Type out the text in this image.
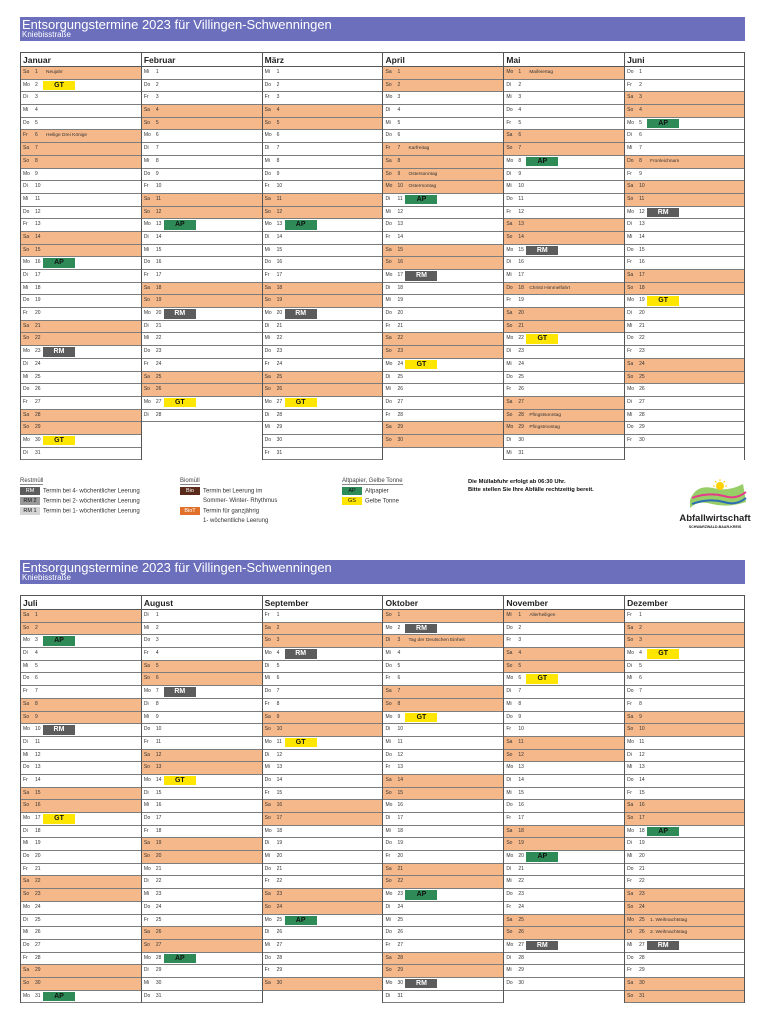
Entsorgungstermine 2023 für Villingen-Schwenningen
Kniebisstraße
Januar
Sa 1 Neujahr
Mo 2	GT
Di 3
Mi 4
Do 5
Fr 6 Heilige Drei Könige
Sa 7
So 8
Mo 9
Di 10
Mi 11
Do 12
Fr 13
Sa 14
So 15
Mo 16	AP
Di 17
Mi 18
Do 19
Fr 20
Sa 21
So 22
Mo 23	RM
Di 24
Mi 25
Do 26
Fr 27
Sa 28
So 29
Mo 30	GT
Di 31
Februar
Mi 1
Do 2
Fr 3
Sa 4
So 5
Mo 6
Di 7
Mi 8
Do 9
Fr 10
Sa 11
So 12
Mo 13	AP
Di 14
Mi 15
Do 16
Fr 17
Sa 18
So 19
Mo 20	RM
Di 21
Mi 22
Do 23
Fr 24
Sa 25
So 26
Mo 27	GT
Di 28
März
Mi 1
Do 2
Fr 3
Sa 4
So 5
Mo 6
Di 7
Mi 8
Do 9
Fr 10
Sa 11
So 12
Mo 13	AP
Di 14
Mi 15
Do 16
Fr 17
Sa 18
So 19
Mo 20	RM
Di 21
Mi 22
Do 23
Fr 24
Sa 25
So 26
Mo 27	GT
Di 28
Mi 29
Do 30
Fr 31
April
Sa 1
So 2
Mo 3
Di 4
Mi 5
Do 6
Fr 7 Karfreitag
Sa 8
So 9 Ostersonntag
Mo 10 Ostermontag
Di 11	AP
Mi 12
Do 13
Fr 14
Sa 15
So 16
Mo 17	RM
Di 18
Mi 19
Do 20
Fr 21
Sa 22
So 23
Mo 24	GT
Di 25
Mi 26
Do 27
Fr 28
Sa 29
So 30
Mai
Mo 1 Maifeiertag
Di 2
Mi 3
Do 4
Fr 5
Sa 6
So 7
Mo 8	AP
Di 9
Mi 10
Do 11
Fr 12
Sa 13
So 14
Mo 15	RM
Di 16
Mi 17
Do 18 Christi Himmelfahrt
Fr 19
Sa 20
So 21
Mo 22	GT
Di 23
Mi 24
Do 25
Fr 26
Sa 27
So 28 Pfingstsonntag
Mo 29 Pfingstmontag
Di 30
Mi 31
Juni
Do 1
Fr 2
Sa 3
So 4
Mo 5	AP
Di 6
Mi 7
Do 8 Fronleichnam
Fr 9
Sa 10
So 11
Mo 12	RM
Di 13
Mi 14
Do 15
Fr 16
Sa 17
So 18
Mo 19	GT
Di 20
Mi 21
Do 22
Fr 23
Sa 24
So 25
Mo 26
Di 27
Mi 28
Do 29
Fr 30
Restmüll
RM Termin bei 4- wöchentlicher Leerung
RM 2 Termin bei 2- wöchentlicher Leerung
RM 1 Termin bei 1- wöchentlicher Leerung
Biomüll
Bio Termin bei Leerung im
Sommer- Winter- Rhythmus
BioT Termin für ganzjährig
1- wöchentliche Leerung
Altpapier, Gelbe Tonne
AP Altpapier
GS Gelbe Tonne
Die Müllabfuhr erfolgt ab 06:30 Uhr.
Bitte stellen Sie Ihre Abfälle rechtzeitig bereit.
Abfallwirtschaft
SCHWARZWALD-BAAR-KREIS
Entsorgungstermine 2023 für Villingen-Schwenningen
Kniebisstraße
Juli
Sa 1
So 2
Mo 3	AP
Di 4
Mi 5
Do 6
Fr 7
Sa 8
So 9
Mo 10	RM
Di 11
Mi 12
Do 13
Fr 14
Sa 15
So 16
Mo 17	GT
Di 18
Mi 19
Do 20
Fr 21
Sa 22
So 23
Mo 24
Di 25
Mi 26
Do 27
Fr 28
Sa 29
So 30
Mo 31	AP
August
Di 1
Mi 2
Do 3
Fr 4
Sa 5
So 6
Mo 7	RM
Di 8
Mi 9
Do 10
Fr 11
Sa 12
So 13
Mo 14	GT
Di 15
Mi 16
Do 17
Fr 18
Sa 19
So 20
Mo 21
Di 22
Mi 23
Do 24
Fr 25
Sa 26
So 27
Mo 28	AP
Di 29
Mi 30
Do 31
September
Fr 1
Sa 2
So 3
Mo 4	RM
Di 5
Mi 6
Do 7
Fr 8
Sa 9
So 10
Mo 11	GT
Di 12
Mi 13
Do 14
Fr 15
Sa 16
So 17
Mo 18
Di 19
Mi 20
Do 21
Fr 22
Sa 23
So 24
Mo 25	AP
Di 26
Mi 27
Do 28
Fr 29
Sa 30
Oktober
So 1
Mo 2	RM
Di 3 Tag der Deutschen Einheit
Mi 4
Do 5
Fr 6
Sa 7
So 8
Mo 9	GT
Di 10
Mi 11
Do 12
Fr 13
Sa 14
So 15
Mo 16
Di 17
Mi 18
Do 19
Fr 20
Sa 21
So 22
Mo 23	AP
Di 24
Mi 25
Do 26
Fr 27
Sa 28
So 29
Mo 30	RM
Di 31
November
Mi 1 Allerheiligen
Do 2
Fr 3
Sa 4
So 5
Mo 6	GT
Di 7
Mi 8
Do 9
Fr 10
Sa 11
So 12
Mo 13
Di 14
Mi 15
Do 16
Fr 17
Sa 18
So 19
Mo 20	AP
Di 21
Mi 22
Do 23
Fr 24
Sa 25
So 26
Mo 27	RM
Di 28
Mi 29
Do 30
Dezember
Fr 1
Sa 2
So 3
Mo 4	GT
Di 5
Mi 6
Do 7
Fr 8
Sa 9
So 10
Mo 11
Di 12
Mi 13
Do 14
Fr 15
Sa 16
So 17
Mo 18	AP
Di 19
Mi 20
Do 21
Fr 22
Sa 23
So 24
Mo 25 1. Weihnachtstag
Di 26 2. Weihnachtstag
Mi 27	RM
Do 28
Fr 29
Sa 30
So 31
